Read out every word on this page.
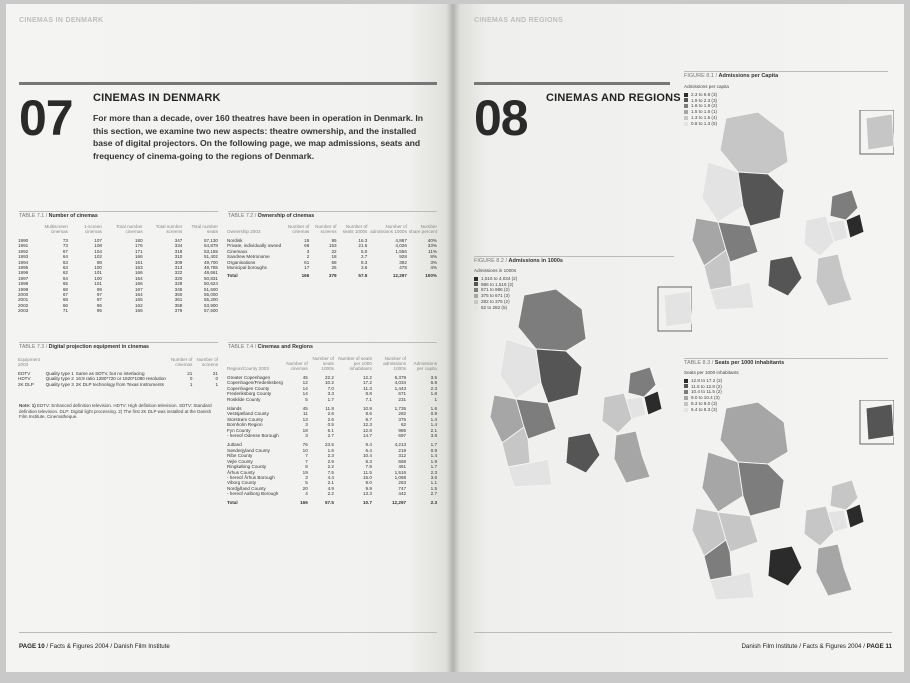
CINEMAS IN DENMARK
07 CINEMAS IN DENMARK
For more than a decade, over 160 theatres have been in operation in Denmark. In this section, we examine two new aspects: theatre ownership, and the installed base of digital projectors. On the following page, we map admissions, seats and frequency of cinema-going to the regions of Denmark.
TABLE 7.1 / Number of cinemas
	Multiscreen cinemas	1-screen cinemas	Total number cinemas	Total number screens	Total number seats
1990	73	107	180	347	57,130
1991	73	108	176	334	54,878
1992	67	104	171	318	53,155
1993	64	102	166	310	51,402
1994	63	98	161	309	49,700
1995	63	100	163	313	49,785
1996	62	101	166	322	48,661
1997	64	100	164	320	50,831
1998	65	101	166	328	50,624
1999	68	99	167	345	51,500
2000	67	97	164	350	55,000
2001	68	97	165	361	55,200
2002	66	96	162	358	53,900
2003	71	95	166	379	57,500
TABLE 7.2 / Ownership of cinemas
Ownership 2003	Number of cinemas	Number of screens	Number of seats 1000s	Number of admissions 1000s	Number share percent
Nordisk	15	95	16.3	4,867	40%
Private, individually owned	68	153	21.6	4,026	33%
Cinemaxx	3	22	5.0	1,556	11%
Sandrew Metronome	2	18	2.7	928	8%
Organisations	61	68	8.3	392	3%
Municipal boroughs	17	25	3.6	478	4%
Total	166	379	57.5	12,297	100%
TABLE 7.3 / Digital projection equipment in cinemas
Equipment 2003			Number of cinemas	Number of screens
EDTV	Quality type 1	Same as SDTV, but no interlacing	21	21
HDTV	Quality type 2	16:9 ratio 1280*720 or 1920*1080 resolution	0	0
2K DLP	Quality type 3	2K DLP technology from Texas Instruments	1	1
Note: 1) EDTV: Enhanced definition television. HDTV: High definition television. SDTV: Standard definition television. DLP: Digital light processing. 2) The first 2K DLP was installed at the Danish Film Institute, Cinematheque.
TABLE 7.4 / Cinemas and Regions
Region/County 2003	Number of cinemas	Number of seats 1000s	Number of seats per 1000 inhabitants	Number of admissions 1000s	Admissions per capita
Greater Copenhagen	45	22.2	12.2	6,379	3.5
Copenhagen/Frederiksberg	12	10.2	17.2	4,034	6.8
Copenhagen County	14	7.0	11.3	1,443	2.3
Frederiksborg County	14	3.3	8.8	671	1.8
Roskilde County	5	1.7	7.1	231	1
Islands	45	11.8	10.9	1,735	1.6
Vestsjælland County	11	2.6	8.6	282	0.9
Storstrøm County	13	2.6	9.7	375	1.4
Bornholm Region	3	0.5	12.3	62	1.4
Fyn County	18	6.1	12.8	986	2.1
- hereof Odense Borough	3	2.7	14.7	697	3.8
Jutland	76	23.5	9.4	4,213	1.7
Sønderjyland County	10	1.6	6.4	219	0.9
Ribe County	7	2.3	10.4	312	1.4
Vejle County	7	2.9	8.3	668	1.9
Ringkøbing County	8	2.2	7.9	461	1.7
Århus County	19	7.5	11.5	1,516	2.3
- hereof Århus Borough	3	4.4	15.0	1,068	3.6
Viborg County	5	2.1	9.0	263	1.1
Nordjylland County	20	4.9	9.9	747	1.5
- hereof Aalborg Borough	4	2.2	13.3	442	2.7
Total	166	57.5	10.7	12,297	2.3
PAGE 10 / Facts & Figures 2004 / Danish Film Institute
CINEMAS AND REGIONS
08 CINEMAS AND REGIONS
FIGURE 8.1 / Admissions per Capita
Admissions per capita
2.3 to 6.8 (3)
1.9 to 2.3 (3)
1.6 to 1.9 (2)
1.5 to 1.6 (1)
1.3 to 1.5 (4)
0.8 to 1.3 (5)
FIGURE 8.2 / Admissions in 1000s
Admissions in 1000s
1,516 to 4,034 (2)
986 to 1,516 (2)
671 to 986 (2)
375 to 671 (3)
282 to 375 (2)
62 to 282 (5)
TABLE 8.3 / Seats per 1000 inhabitants
Seats per 1000 inhabitants
12.8 to 17.2 (2)
11.5 to 12.8 (2)
10.4 to 11.5 (2)
9.0 to 10.4 (3)
8.3 to 9.0 (3)
6.4 to 8.3 (3)
Danish Film Institute / Facts & Figures 2004 / PAGE 11
